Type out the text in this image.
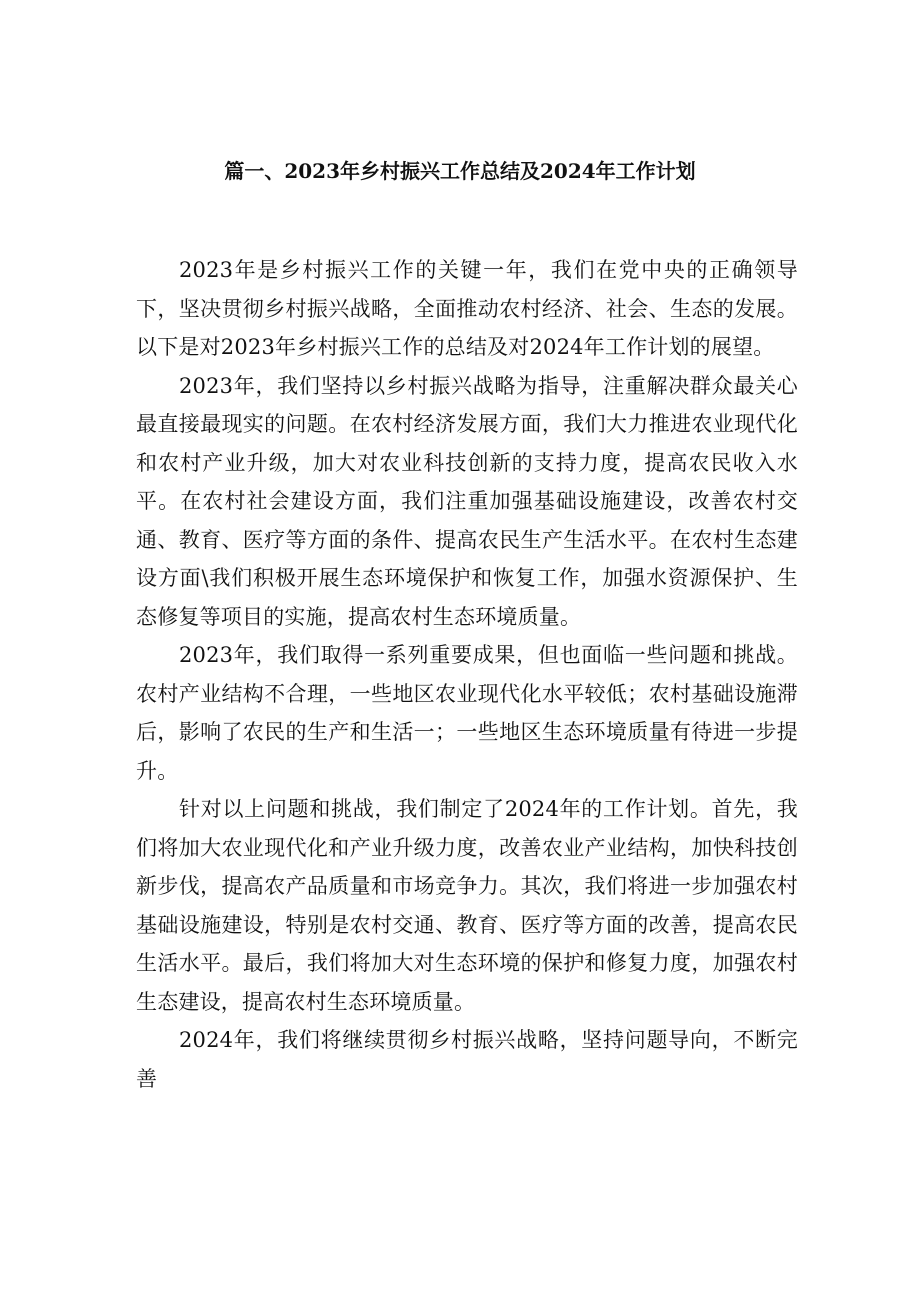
篇一、2023年乡村振兴工作总结及2024年工作计划

2023年是乡村振兴工作的关键一年，我们在党中央的正确领导下，坚决贯彻乡村振兴战略，全面推动农村经济、社会、生态的发展。以下是对2023年乡村振兴工作的总结及对2024年工作计划的展望。

2023年，我们坚持以乡村振兴战略为指导，注重解决群众最关心最直接最现实的问题。在农村经济发展方面，我们大力推进农业现代化和农村产业升级，加大对农业科技创新的支持力度，提高农民收入水平。在农村社会建设方面，我们注重加强基础设施建设，改善农村交通、教育、医疗等方面的条件、提高农民生产生活水平。在农村生态建设方面\我们积极开展生态环境保护和恢复工作，加强水资源保护、生态修复等项目的实施，提高农村生态环境质量。

2023年，我们取得一系列重要成果，但也面临一些问题和挑战。农村产业结构不合理，一些地区农业现代化水平较低；农村基础设施滞后，影响了农民的生产和生活一；一些地区生态环境质量有待进一步提升。

针对以上问题和挑战，我们制定了2024年的工作计划。首先，我们将加大农业现代化和产业升级力度，改善农业产业结构，加快科技创新步伐，提高农产品质量和市场竞争力。其次，我们将进一步加强农村基础设施建设，特别是农村交通、教育、医疗等方面的改善，提高农民生活水平。最后，我们将加大对生态环境的保护和修复力度，加强农村生态建设，提高农村生态环境质量。

2024年，我们将继续贯彻乡村振兴战略，坚持问题导向，不断完善
